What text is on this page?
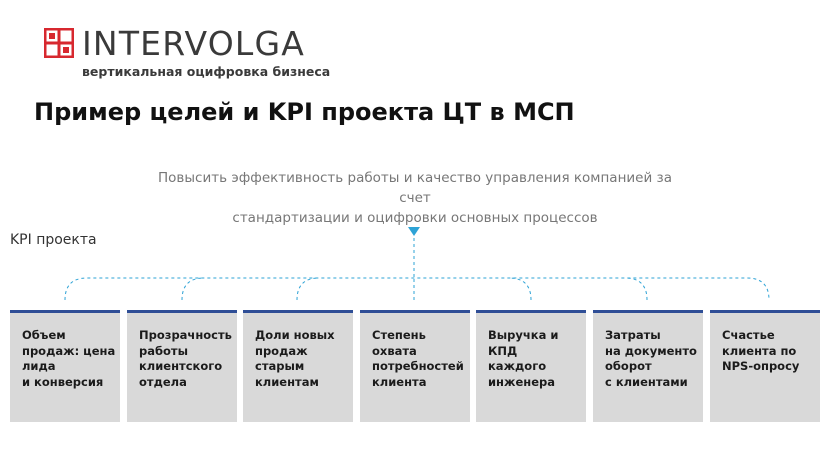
INTERVOLGA
вертикальная оцифровка бизнеса
Пример целей и KPI проекта ЦТ в МСП
Повысить эффективность работы и качество управления компанией за счет
стандартизации и оцифровки основных процессов
KPI проекта
Объем
продаж: цена
лида
и конверсия
Прозрачность
работы
клиентского
отдела
Доли новых
продаж
старым
клиентам
Степень
охвата
потребностей
клиента
Выручка и КПД
каждого
инженера
Затраты
на документо
оборот
с клиентами
Счастье
клиента по
NPS-опросу
